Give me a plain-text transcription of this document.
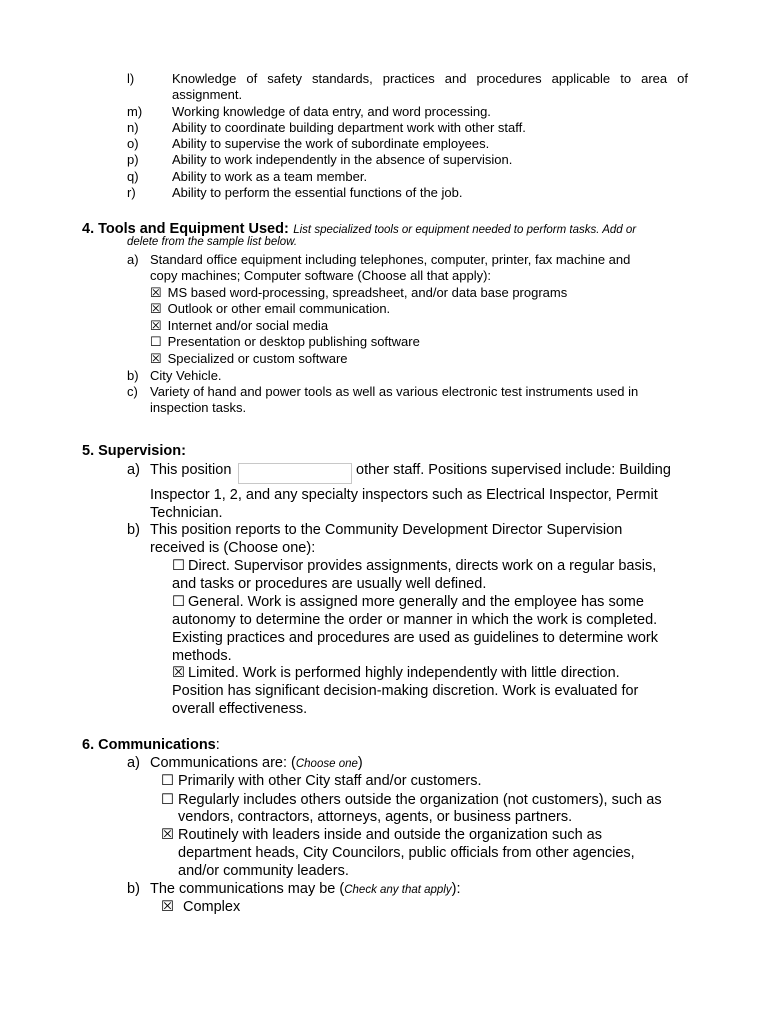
l)	Knowledge of safety standards, practices and procedures applicable to area of
assignment.
m) Working knowledge of data entry, and word processing.
n)	Ability to coordinate building department work with other staff.
o)	Ability to supervise the work of subordinate employees.
p)	Ability to work independently in the absence of supervision.
q)	Ability to work as a team member.
r)	Ability to perform the essential functions of the job.
4. Tools and Equipment Used: List specialized tools or equipment needed to perform tasks. Add or
delete from the sample list below.
a) Standard office equipment including telephones, computer, printer, fax machine and
copy machines; Computer software (Choose all that apply):
☒ MS based word-processing, spreadsheet, and/or data base programs
☒ Outlook or other email communication.
☒ Internet and/or social media
☐ Presentation or desktop publishing software
☒ Specialized or custom software
b) City Vehicle.
c) Variety of hand and power tools as well as various electronic test instruments used in
inspection tasks.
5. Supervision:
a) This position	other staff. Positions supervised include: Building
Inspector 1, 2, and any specialty inspectors such as Electrical Inspector, Permit
Technician.
b) This position reports to the Community Development Director Supervision
received is (Choose one):
☐ Direct. Supervisor provides assignments, directs work on a regular basis,
and tasks or procedures are usually well defined.
☐ General. Work is assigned more generally and the employee has some
autonomy to determine the order or manner in which the work is completed.
Existing practices and procedures are used as guidelines to determine work
methods.
☒ Limited. Work is performed highly independently with little direction.
Position has significant decision-making discretion. Work is evaluated for
overall effectiveness.
6. Communications:
a) Communications are: (Choose one)
☐ Primarily with other City staff and/or customers.
☐ Regularly includes others outside the organization (not customers), such as
vendors, contractors, attorneys, agents, or business partners.
☒ Routinely with leaders inside and outside the organization such as
department heads, City Councilors, public officials from other agencies,
and/or community leaders.
b) The communications may be (Check any that apply):
☒ Complex
